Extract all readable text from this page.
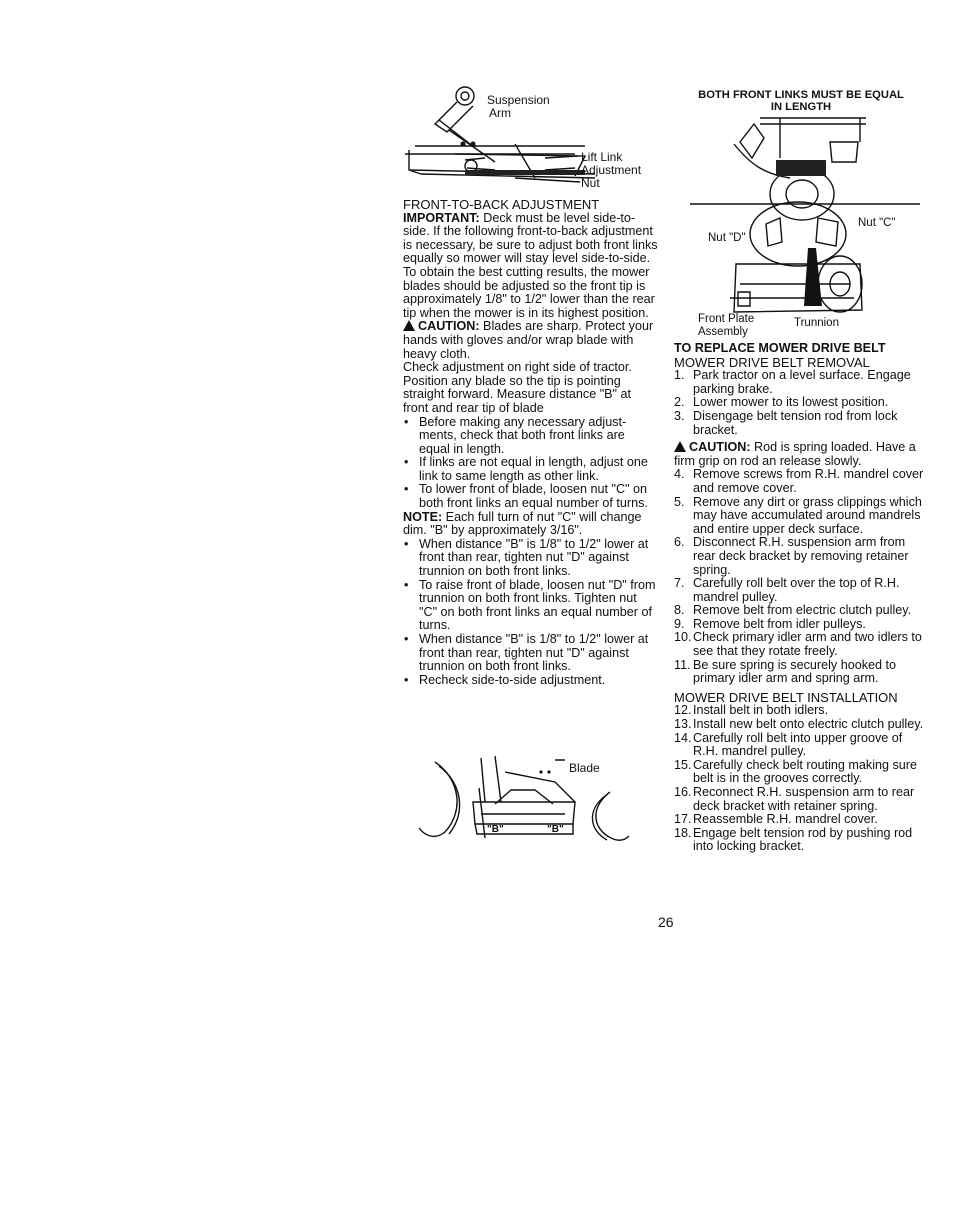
Suspension Arm
Lift Link Adjustment Nut

FRONT-TO-BACK ADJUSTMENT

IMPORTANT: Deck must be level side-to-side. If the following front-to-back adjustment is necessary, be sure to adjust both front links equally so mower will stay level side-to-side.

To obtain the best cutting results, the mower blades should be adjusted so the front tip is approximately 1/8" to 1/2" lower than the rear tip when the mower is in its highest position.

CAUTION: Blades are sharp. Protect your hands with gloves and/or wrap blade with heavy cloth.

Check adjustment on right side of tractor. Position any blade so the tip is pointing straight forward. Measure distance "B" at front and rear tip of blade

• Before making any necessary adjust-ments, check that both front links are equal in length.

• If links are not equal in length, adjust one link to same length as other link.

• To lower front of blade, loosen nut "C" on both front links an equal number of turns.

NOTE: Each full turn of nut "C" will change dim. "B" by approximately 3/16".

• When distance "B" is 1/8" to 1/2" lower at front than rear, tighten nut "D" against trunnion on both front links.

• To raise front of blade, loosen nut "D" from trunnion on both front links. Tighten nut "C" on both front links an equal number of turns.

• When distance "B" is 1/8" to 1/2" lower at front than rear, tighten nut "D" against trunnion on both front links.

• Recheck side-to-side adjustment.

Blade
"B"	"B"
BOTH FRONT LINKS MUST BE EQUAL
IN LENGTH
Nut "C"
Nut "D"
Front Plate Assembly
Trunnion

TO REPLACE MOWER DRIVE BELT

MOWER DRIVE BELT REMOVAL

1. Park tractor on a level surface. Engage parking brake.

2. Lower mower to its lowest position.

3. Disengage belt tension rod from lock bracket.

CAUTION: Rod is spring loaded. Have a firm grip on rod an release slowly.

4. Remove screws from R.H. mandrel cover and remove cover.

5. Remove any dirt or grass clippings which may have accumulated around mandrels and entire upper deck surface.

6. Disconnect R.H. suspension arm from rear deck bracket by removing retainer spring.

7. Carefully roll belt over the top of R.H. mandrel pulley.

8. Remove belt from electric clutch pulley.

9. Remove belt from idler pulleys.

10. Check primary idler arm and two idlers to see that they rotate freely.

11. Be sure spring is securely hooked to primary idler arm and spring arm.

MOWER DRIVE BELT INSTALLATION

12. Install belt in both idlers.

13. Install new belt onto electric clutch pulley.

14. Carefully roll belt into upper groove of R.H. mandrel pulley.

15. Carefully check belt routing making sure belt is in the grooves correctly.

16. Reconnect R.H. suspension arm to rear deck bracket with retainer spring.

17. Reassemble R.H. mandrel cover.

18. Engage belt tension rod by pushing rod into locking bracket.

26
